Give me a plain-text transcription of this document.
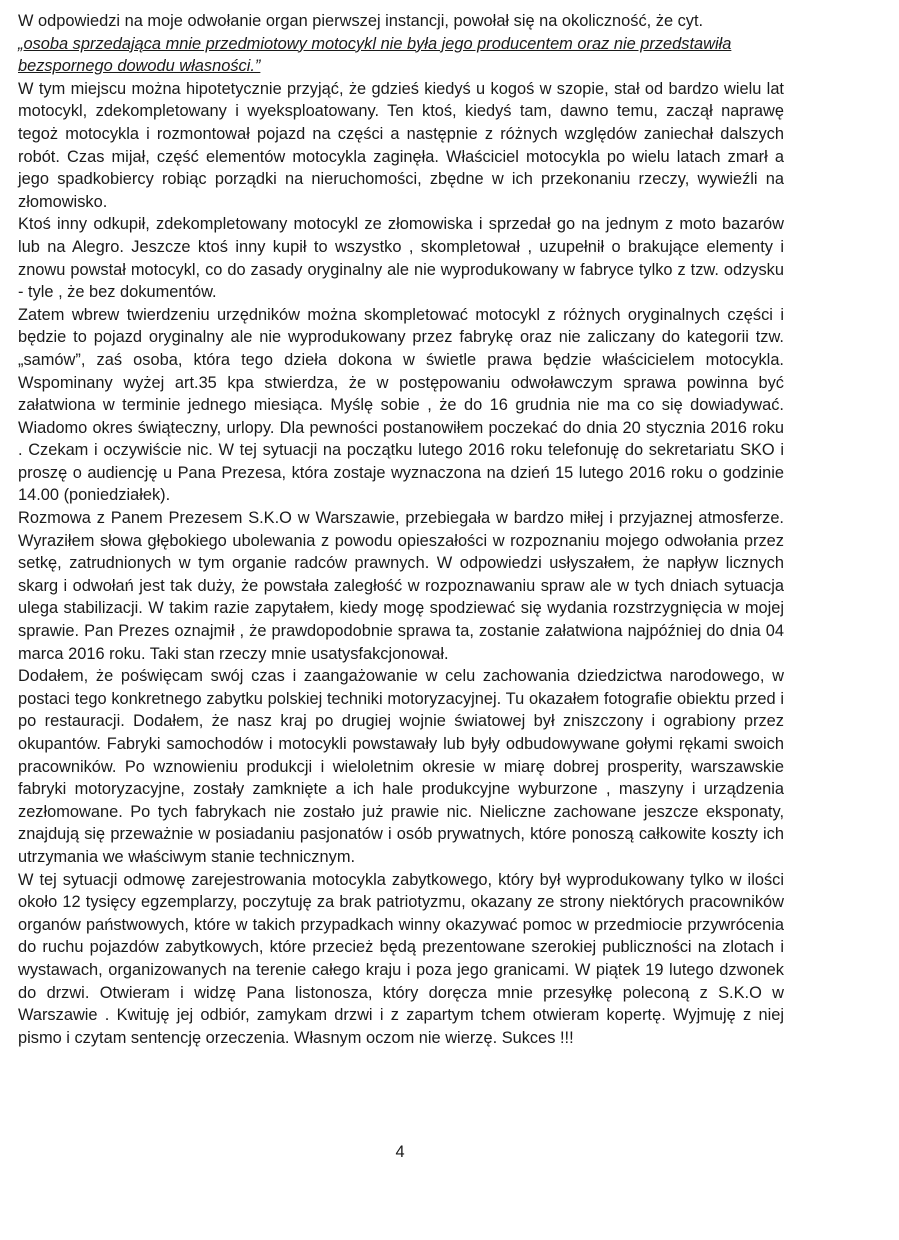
W odpowiedzi na moje odwołanie organ pierwszej instancji, powołał się na okoliczność, że cyt.

„osoba sprzedająca mnie przedmiotowy motocykl nie była jego producentem oraz nie przedstawiła bezspornego dowodu własności.”

W tym miejscu można hipotetycznie przyjąć, że gdzieś kiedyś u kogoś w szopie, stał od bardzo wielu lat motocykl, zdekompletowany i wyeksploatowany. Ten ktoś, kiedyś tam, dawno temu, zaczął naprawę tegoż motocykla i rozmontował pojazd na części a następnie z różnych względów zaniechał dalszych robót. Czas mijał, część elementów motocykla zaginęła. Właściciel motocykla po wielu latach zmarł a jego spadkobiercy robiąc porządki na nieruchomości, zbędne w ich przekonaniu rzeczy, wywieźli na złomowisko.

Ktoś inny odkupił, zdekompletowany motocykl ze złomowiska i sprzedał go na jednym z moto bazarów lub na Alegro. Jeszcze ktoś inny kupił to wszystko , skompletował , uzupełnił o brakujące elementy i znowu powstał motocykl, co do zasady oryginalny ale nie wyprodukowany w fabryce tylko z tzw. odzysku - tyle , że bez dokumentów.

Zatem wbrew twierdzeniu urzędników można skompletować motocykl z różnych oryginalnych części i będzie to pojazd oryginalny ale nie wyprodukowany przez fabrykę oraz nie zaliczany do kategorii tzw. „samów”, zaś osoba, która tego dzieła dokona w świetle prawa będzie właścicielem motocykla. Wspominany wyżej art.35 kpa stwierdza, że w postępowaniu odwoławczym sprawa powinna być załatwiona w terminie jednego miesiąca. Myślę sobie , że do 16 grudnia nie ma co się dowiadywać. Wiadomo okres świąteczny, urlopy. Dla pewności postanowiłem poczekać do dnia 20 stycznia 2016 roku . Czekam i oczywiście nic. W tej sytuacji na początku lutego 2016 roku telefonuję do sekretariatu SKO i proszę o audiencję u Pana Prezesa, która zostaje wyznaczona na dzień 15 lutego 2016 roku o godzinie 14.00 (poniedziałek).

Rozmowa z Panem Prezesem S.K.O w Warszawie, przebiegała w bardzo miłej i przyjaznej atmosferze. Wyraziłem słowa głębokiego ubolewania z powodu opieszałości w rozpoznaniu mojego odwołania przez setkę, zatrudnionych w tym organie radców prawnych. W odpowiedzi usłyszałem, że napływ licznych skarg i odwołań jest tak duży, że powstała zaległość w rozpoznawaniu spraw ale w tych dniach sytuacja ulega stabilizacji. W takim razie zapytałem, kiedy mogę spodziewać się wydania rozstrzygnięcia w mojej sprawie. Pan Prezes oznajmił , że prawdopodobnie sprawa ta, zostanie załatwiona najpóźniej do dnia 04 marca 2016 roku. Taki stan rzeczy mnie usatysfakcjonował.

Dodałem, że poświęcam swój czas i zaangażowanie w celu zachowania dziedzictwa narodowego, w postaci tego konkretnego zabytku polskiej techniki motoryzacyjnej. Tu okazałem fotografie obiektu przed i po restauracji. Dodałem, że nasz kraj po drugiej wojnie światowej był zniszczony i ograbiony przez okupantów. Fabryki samochodów i motocykli powstawały lub były odbudowywane gołymi rękami swoich pracowników. Po wznowieniu produkcji i wieloletnim okresie w miarę dobrej prosperity, warszawskie fabryki motoryzacyjne, zostały zamknięte a ich hale produkcyjne wyburzone , maszyny i urządzenia zezłomowane. Po tych fabrykach nie zostało już prawie nic. Nieliczne zachowane jeszcze eksponaty, znajdują się przeważnie w posiadaniu pasjonatów i osób prywatnych, które ponoszą całkowite koszty ich utrzymania we właściwym stanie technicznym.

W tej sytuacji odmowę zarejestrowania motocykla zabytkowego, który był wyprodukowany tylko w ilości około 12 tysięcy egzemplarzy, poczytuję za brak patriotyzmu, okazany ze strony niektórych pracowników organów państwowych, które w takich przypadkach winny okazywać pomoc w przedmiocie przywrócenia do ruchu pojazdów zabytkowych, które przecież będą prezentowane szerokiej publiczności na zlotach i wystawach, organizowanych na terenie całego kraju i poza jego granicami. W piątek 19 lutego dzwonek do drzwi. Otwieram i widzę Pana listonosza, który doręcza mnie przesyłkę poleconą z S.K.O w Warszawie . Kwituję jej odbiór, zamykam drzwi i z zapartym tchem otwieram kopertę. Wyjmuję z niej pismo i czytam sentencję orzeczenia. Własnym oczom nie wierzę. Sukces !!!

4
